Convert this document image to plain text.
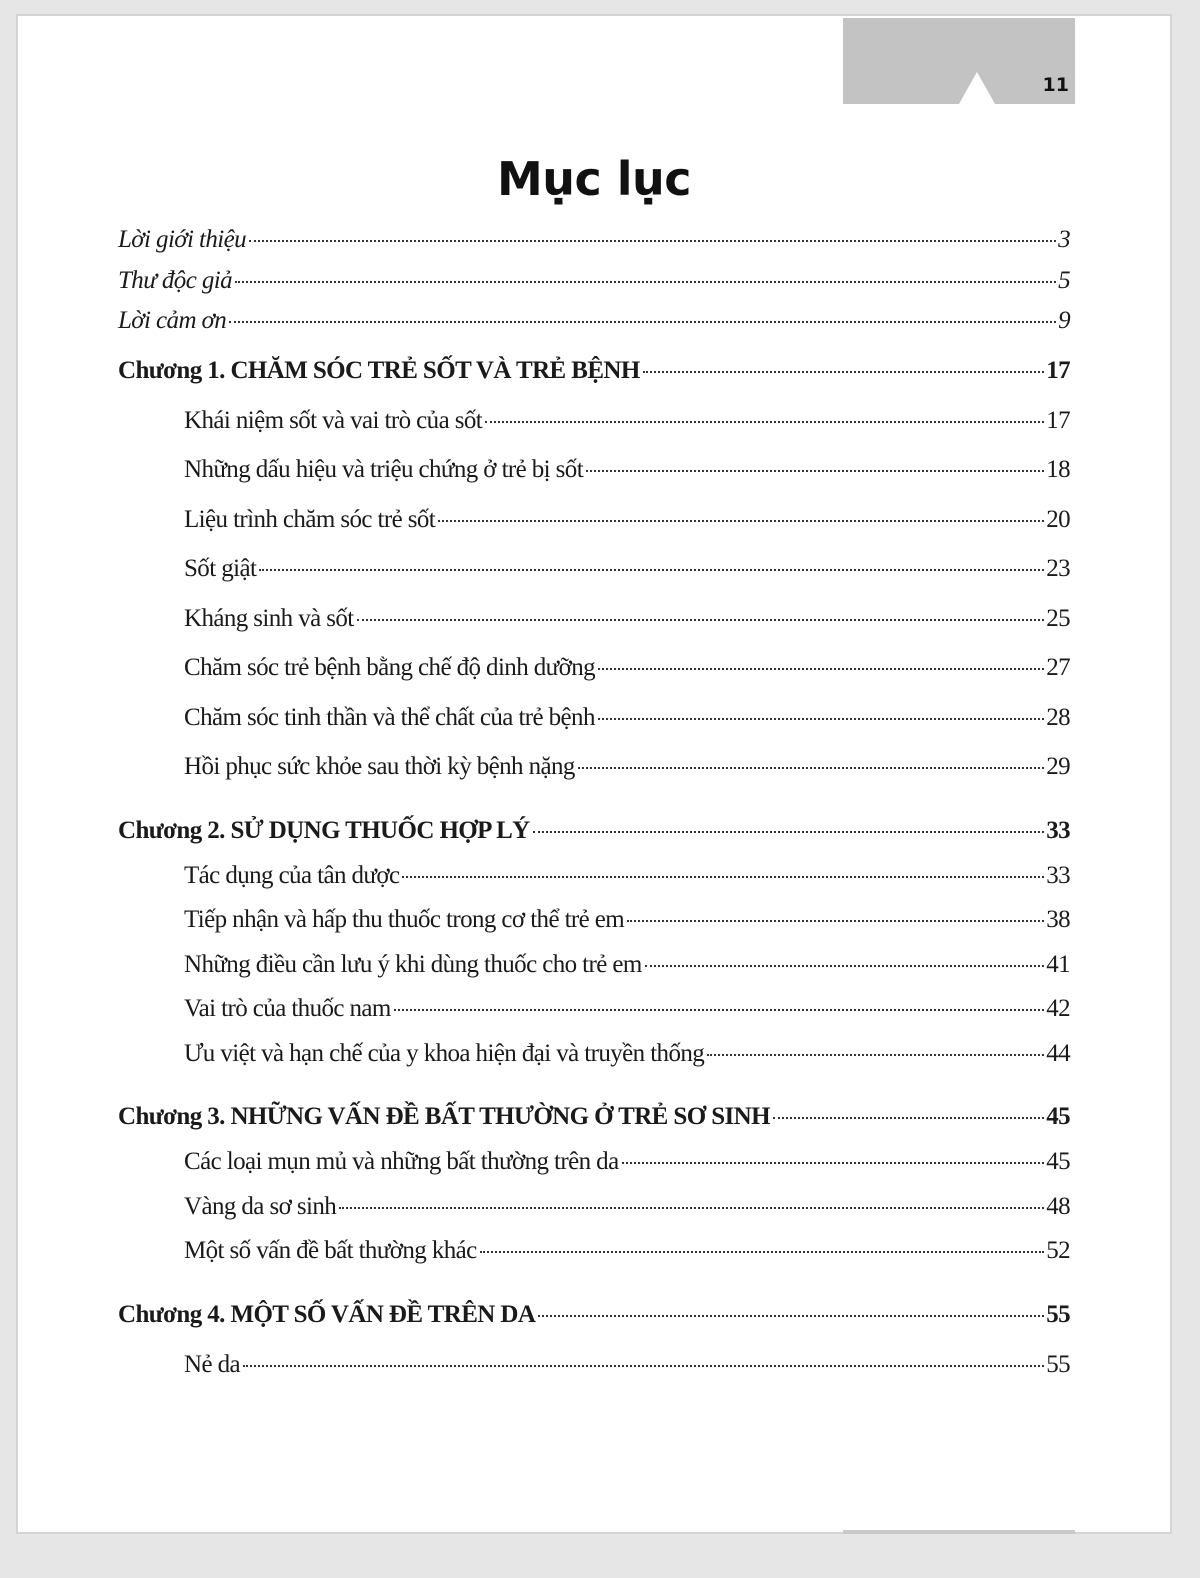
11
Mục lục
Lời giới thiệu	3
Thư độc giả	5
Lời cảm ơn	9
Chương 1. CHĂM SÓC TRẺ SỐT VÀ TRẺ BỆNH	17
Khái niệm sốt và vai trò của sốt	17
Những dấu hiệu và triệu chứng ở trẻ bị sốt	18
Liệu trình chăm sóc trẻ sốt	20
Sốt giật	23
Kháng sinh và sốt	25
Chăm sóc trẻ bệnh bằng chế độ dinh dưỡng	27
Chăm sóc tinh thần và thể chất của trẻ bệnh	28
Hồi phục sức khỏe sau thời kỳ bệnh nặng	29
Chương 2. SỬ DỤNG THUỐC HỢP LÝ	33
Tác dụng của tân dược	33
Tiếp nhận và hấp thu thuốc trong cơ thể trẻ em	38
Những điều cần lưu ý khi dùng thuốc cho trẻ em	41
Vai trò của thuốc nam	42
Ưu việt và hạn chế của y khoa hiện đại và truyền thống	44
Chương 3. NHỮNG VẤN ĐỀ BẤT THƯỜNG Ở TRẺ SƠ SINH	45
Các loại mụn mủ và những bất thường trên da	45
Vàng da sơ sinh	48
Một số vấn đề bất thường khác	52
Chương 4. MỘT SỐ VẤN ĐỀ TRÊN DA	55
Nẻ da	55
